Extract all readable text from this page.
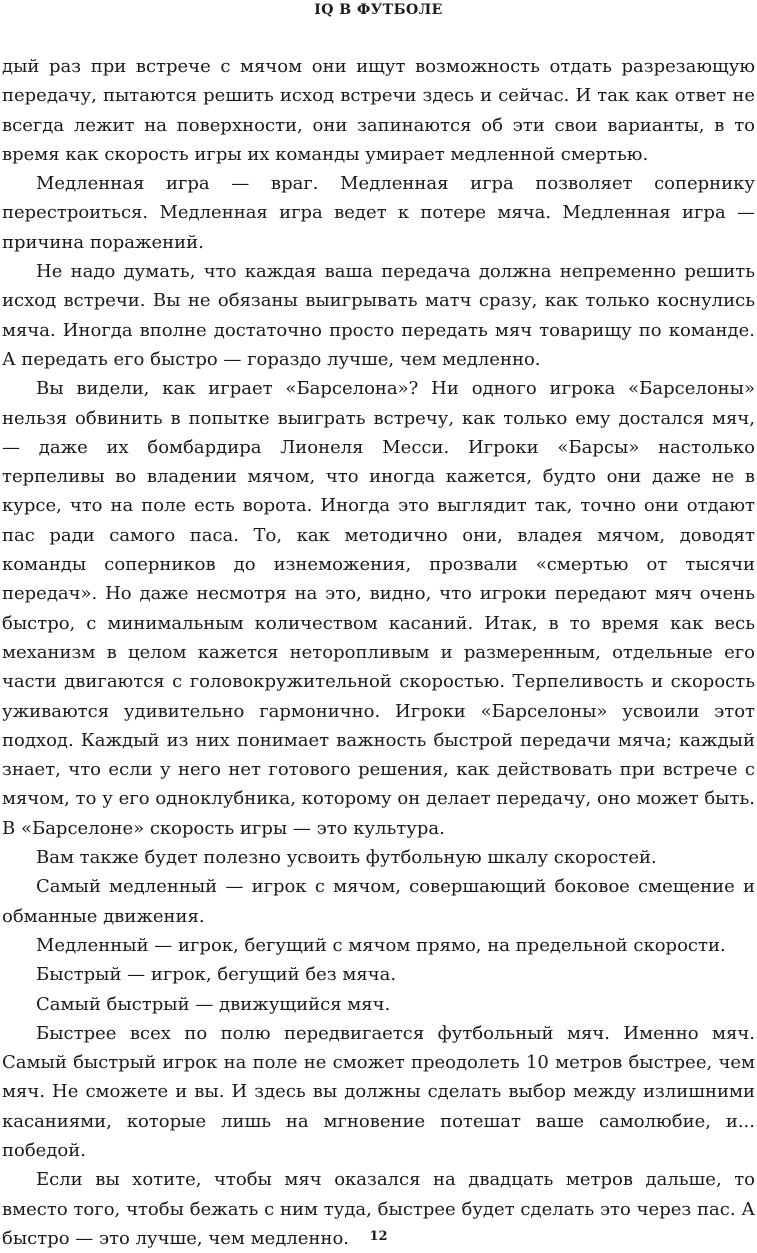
IQ В ФУТБОЛЕ

дый раз при встрече с мячом они ищут возможность отдать разрезающую передачу, пытаются решить исход встречи здесь и сейчас. И так как ответ не всегда лежит на поверхности, они запинаются об эти свои варианты, в то время как скорость игры их команды умирает медленной смертью.

Медленная игра — враг. Медленная игра позволяет сопернику перестроиться. Медленная игра ведет к потере мяча. Медленная игра — причина поражений.

Не надо думать, что каждая ваша передача должна непременно решить исход встречи. Вы не обязаны выигрывать матч сразу, как только коснулись мяча. Иногда вполне достаточно просто передать мяч товарищу по команде. А передать его быстро — гораздо лучше, чем медленно.

Вы видели, как играет «Барселона»? Ни одного игрока «Барселоны» нельзя обвинить в попытке выиграть встречу, как только ему достался мяч, — даже их бомбардира Лионеля Месси. Игроки «Барсы» настолько терпеливы во владении мячом, что иногда кажется, будто они даже не в курсе, что на поле есть ворота. Иногда это выглядит так, точно они отдают пас ради самого паса. То, как методично они, владея мячом, доводят команды соперников до изнеможения, прозвали «смертью от тысячи передач». Но даже несмотря на это, видно, что игроки передают мяч очень быстро, с минимальным количеством касаний. Итак, в то время как весь механизм в целом кажется неторопливым и размеренным, отдельные его части двигаются с головокружительной скоростью. Терпеливость и скорость уживаются удивительно гармонично. Игроки «Барселоны» усвоили этот подход. Каждый из них понимает важность быстрой передачи мяча; каждый знает, что если у него нет готового решения, как действовать при встрече с мячом, то у его одноклубника, которому он делает передачу, оно может быть. В «Барселоне» скорость игры — это культура.

Вам также будет полезно усвоить футбольную шкалу скоростей.

Самый медленный — игрок с мячом, совершающий боковое смещение и обманные движения.

Медленный — игрок, бегущий с мячом прямо, на предельной скорости.

Быстрый — игрок, бегущий без мяча.

Самый быстрый — движущийся мяч.

Быстрее всех по полю передвигается футбольный мяч. Именно мяч. Самый быстрый игрок на поле не сможет преодолеть 10 метров быстрее, чем мяч. Не сможете и вы. И здесь вы должны сделать выбор между излишними касаниями, которые лишь на мгновение потешат ваше самолюбие, и... победой.

Если вы хотите, чтобы мяч оказался на двадцать метров дальше, то вместо того, чтобы бежать с ним туда, быстрее будет сделать это через пас. А быстро — это лучше, чем медленно.	12
